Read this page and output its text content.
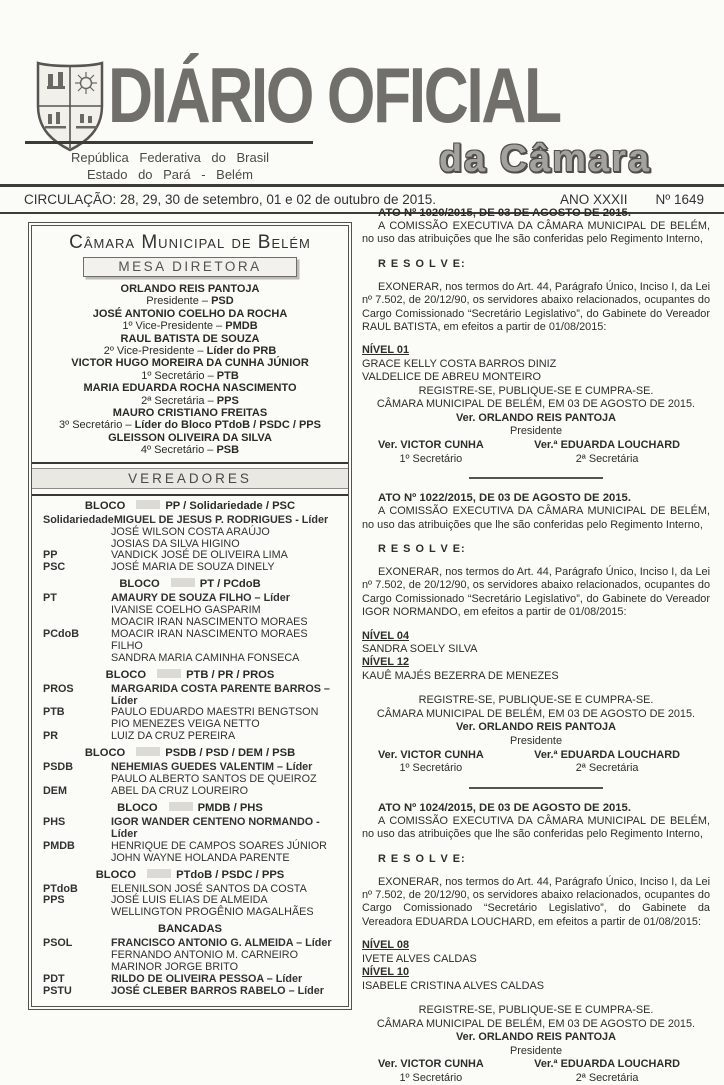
DIÁRIO OFICIAL
República Federativa do Brasil
Estado do Pará - Belém	da Câmara
CIRCULAÇÃO: 28, 29, 30 de setembro, 01 e 02 de outubro de 2015.	ANO XXXII Nº 1649
Câmara Municipal de Belém
MESA DIRETORA
ORLANDO REIS PANTOJA
Presidente – PSD
JOSÉ ANTONIO COELHO DA ROCHA
1º Vice-Presidente – PMDB
RAUL BATISTA DE SOUZA
2º Vice-Presidente – Líder do PRB
VICTOR HUGO MOREIRA DA CUNHA JÚNIOR
1º Secretário – PTB
MARIA EDUARDA ROCHA NASCIMENTO
2ª Secretária – PPS
MAURO CRISTIANO FREITAS
3º Secretário – Líder do Bloco PTdoB / PSDC / PPS
GLEISSON OLIVEIRA DA SILVA
4º Secretário – PSB
VEREADORES
BLOCO	PP / Solidariedade / PSC
Solidariedade MIGUEL DE JESUS P. RODRIGUES - Líder
JOSÉ WILSON COSTA ARAÚJO
JOSIAS DA SILVA HIGINO
PP	VANDICK JOSÉ DE OLIVEIRA LIMA
PSC	JOSÉ MARIA DE SOUZA DINELY
BLOCO	PT / PCdoB
PT	AMAURY DE SOUZA FILHO – Líder
IVANISE COELHO GASPARIM
MOACIR IRAN NASCIMENTO MORAES
PCdoB	MOACIR IRAN NASCIMENTO MORAES FILHO
SANDRA MARIA CAMINHA FONSECA
BLOCO	PTB / PR / PROS
PROS	MARGARIDA COSTA PARENTE BARROS – Líder
PTB	PAULO EDUARDO MAESTRI BENGTSON
PIO MENEZES VEIGA NETTO
PR	LUIZ DA CRUZ PEREIRA
BLOCO	PSDB / PSD / DEM / PSB
PSDB	NEHEMIAS GUEDES VALENTIM – Líder
PAULO ALBERTO SANTOS DE QUEIROZ
DEM	ABEL DA CRUZ LOUREIRO
BLOCO	PMDB / PHS
PHS	IGOR WANDER CENTENO NORMANDO - Líder
PMDB	HENRIQUE DE CAMPOS SOARES JÚNIOR
JOHN WAYNE HOLANDA PARENTE
BLOCO	PTdoB / PSDC / PPS
PTdoB	ELENILSON JOSÉ SANTOS DA COSTA
PPS	JOSÉ LUIS ELIAS DE ALMEIDA
WELLINGTON PROGÊNIO MAGALHÃES
BANCADAS
PSOL	FRANCISCO ANTONIO G. ALMEIDA – Líder
FERNANDO ANTONIO M. CARNEIRO
MARINOR JORGE BRITO
PDT	RILDO DE OLIVEIRA PESSOA – Líder
PSTU	JOSÉ CLEBER BARROS RABELO – Líder
ATO Nº 1020/2015, DE 03 DE AGOSTO DE 2015.

A COMISSÃO EXECUTIVA DA CÂMARA MUNICIPAL DE BELÉM, no uso das atribuições que lhe são conferidas pelo Regimento Interno,

R E S O L V E:

EXONERAR, nos termos do Art. 44, Parágrafo Único, Inciso I, da Lei nº 7.502, de 20/12/90, os servidores abaixo relacionados, ocupantes do Cargo Comissionado “Secretário Legislativo”, do Gabinete do Vereador RAUL BATISTA, em efeitos a partir de 01/08/2015:

NÍVEL 01
GRACE KELLY COSTA BARROS DINIZ
VALDELICE DE ABREU MONTEIRO
REGISTRE-SE, PUBLIQUE-SE E CUMPRA-SE.
CÂMARA MUNICIPAL DE BELÉM, EM 03 DE AGOSTO DE 2015.
Ver. ORLANDO REIS PANTOJA
Presidente
Ver. VICTOR CUNHA
1º Secretário
Ver.ª EDUARDA LOUCHARD
2ª Secretária
ATO Nº 1022/2015, DE 03 DE AGOSTO DE 2015.

A COMISSÃO EXECUTIVA DA CÂMARA MUNICIPAL DE BELÉM, no uso das atribuições que lhe são conferidas pelo Regimento Interno,

R E S O L V E:

EXONERAR, nos termos do Art. 44, Parágrafo Único, Inciso I, da Lei nº 7.502, de 20/12/90, os servidores abaixo relacionados, ocupantes do Cargo Comissionado “Secretário Legislativo”, do Gabinete do Vereador IGOR NORMANDO, em efeitos a partir de 01/08/2015:

NÍVEL 04
SANDRA SOELY SILVA
NÍVEL 12
KAUÊ MAJÉS BEZERRA DE MENEZES
REGISTRE-SE, PUBLIQUE-SE E CUMPRA-SE.
CÂMARA MUNICIPAL DE BELÉM, EM 03 DE AGOSTO DE 2015.
Ver. ORLANDO REIS PANTOJA
Presidente
Ver. VICTOR CUNHA
1º Secretário
Ver.ª EDUARDA LOUCHARD
2ª Secretária
ATO Nº 1024/2015, DE 03 DE AGOSTO DE 2015.

A COMISSÃO EXECUTIVA DA CÂMARA MUNICIPAL DE BELÉM, no uso das atribuições que lhe são conferidas pelo Regimento Interno,

R E S O L V E:

EXONERAR, nos termos do Art. 44, Parágrafo Único, Inciso I, da Lei nº 7.502, de 20/12/90, os servidores abaixo relacionados, ocupantes do Cargo Comissionado “Secretário Legislativo”, do Gabinete da Vereadora EDUARDA LOUCHARD, em efeitos a partir de 01/08/2015:

NÍVEL 08
IVETE ALVES CALDAS
NÍVEL 10
ISABELE CRISTINA ALVES CALDAS
REGISTRE-SE, PUBLIQUE-SE E CUMPRA-SE.
CÂMARA MUNICIPAL DE BELÉM, EM 03 DE AGOSTO DE 2015.
Ver. ORLANDO REIS PANTOJA
Presidente
Ver. VICTOR CUNHA
1º Secretário
Ver.ª EDUARDA LOUCHARD
2ª Secretária
